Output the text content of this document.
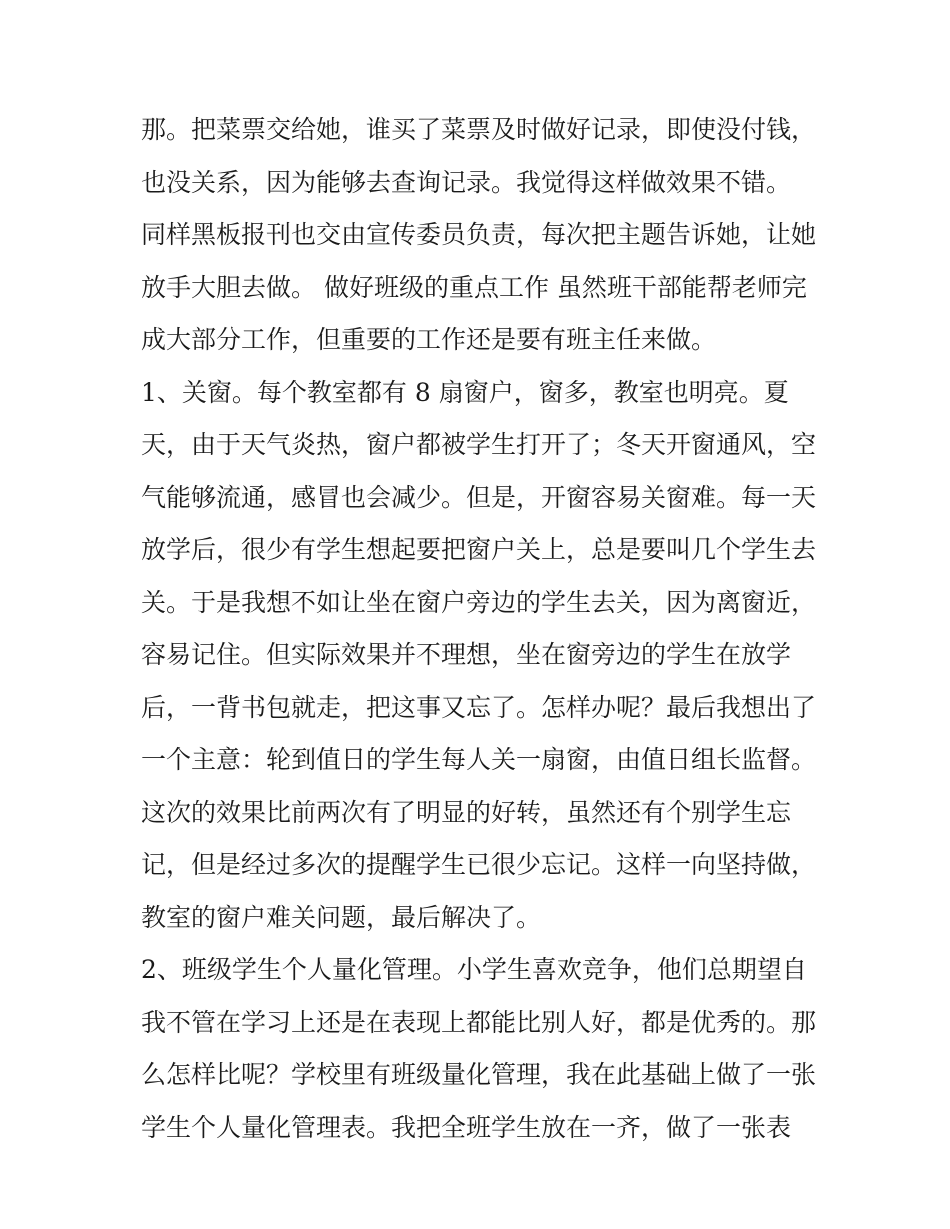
那。把菜票交给她，谁买了菜票及时做好记录，即使没付钱，
也没关系，因为能够去查询记录。我觉得这样做效果不错。
同样黑板报刊也交由宣传委员负责，每次把主题告诉她，让她
放手大胆去做。 做好班级的重点工作 虽然班干部能帮老师完
成大部分工作，但重要的工作还是要有班主任来做。
1、关窗。每个教室都有 8 扇窗户，窗多，教室也明亮。夏
天，由于天气炎热，窗户都被学生打开了；冬天开窗通风，空
气能够流通，感冒也会减少。但是，开窗容易关窗难。每一天
放学后，很少有学生想起要把窗户关上，总是要叫几个学生去
关。于是我想不如让坐在窗户旁边的学生去关，因为离窗近，
容易记住。但实际效果并不理想，坐在窗旁边的学生在放学
后，一背书包就走，把这事又忘了。怎样办呢？最后我想出了
一个主意：轮到值日的学生每人关一扇窗，由值日组长监督。
这次的效果比前两次有了明显的好转，虽然还有个别学生忘
记，但是经过多次的提醒学生已很少忘记。这样一向坚持做，
教室的窗户难关问题，最后解决了。
2、班级学生个人量化管理。小学生喜欢竞争，他们总期望自
我不管在学习上还是在表现上都能比别人好，都是优秀的。那
么怎样比呢？学校里有班级量化管理，我在此基础上做了一张
学生个人量化管理表。我把全班学生放在一齐，做了一张表
